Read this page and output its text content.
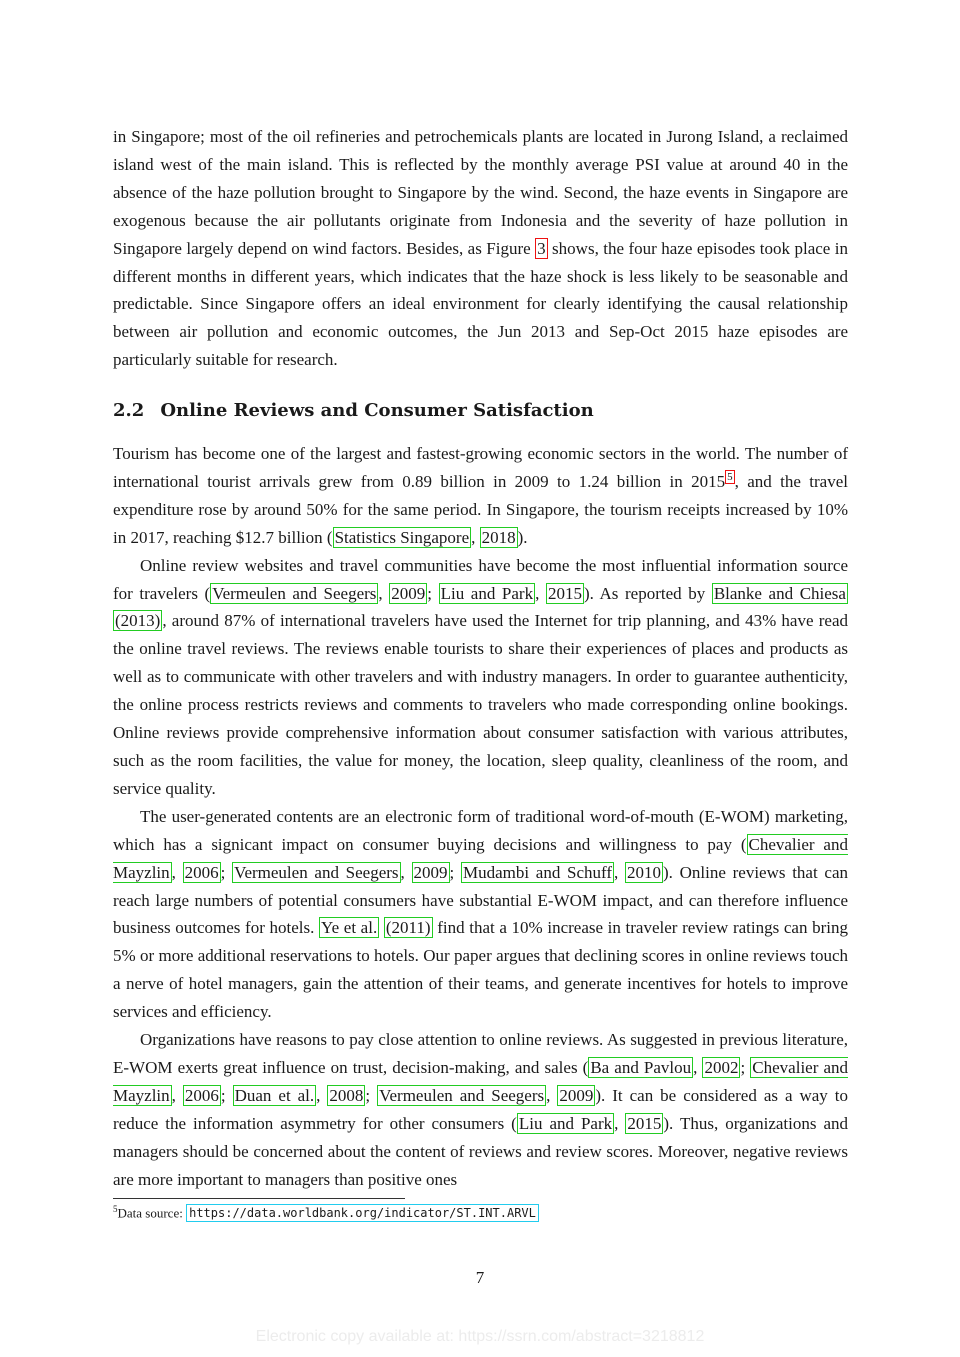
in Singapore; most of the oil refineries and petrochemicals plants are located in Jurong Island, a reclaimed island west of the main island. This is reflected by the monthly average PSI value at around 40 in the absence of the haze pollution brought to Singapore by the wind. Second, the haze events in Singapore are exogenous because the air pollutants originate from Indonesia and the severity of haze pollution in Singapore largely depend on wind factors. Besides, as Figure 3 shows, the four haze episodes took place in different months in different years, which indicates that the haze shock is less likely to be seasonable and predictable. Since Singapore offers an ideal environment for clearly identifying the causal relationship between air pollution and economic outcomes, the Jun 2013 and Sep-Oct 2015 haze episodes are particularly suitable for research.

2.2 Online Reviews and Consumer Satisfaction

Tourism has become one of the largest and fastest-growing economic sectors in the world. The number of international tourist arrivals grew from 0.89 billion in 2009 to 1.24 billion in 2015 $^5$ , and the travel expenditure rose by around 50% for the same period. In Singapore, the tourism receipts increased by 10% in 2017, reaching $12.7 billion ( Statistics Singapore , 2018 ).

Online review websites and travel communities have become the most influential information source for travelers ( Vermeulen and Seegers , 2009 ; Liu and Park , 2015 ). As reported by Blanke and Chiesa (2013) , around 87% of international travelers have used the Internet for trip planning, and 43% have read the online travel reviews. The reviews enable tourists to share their experiences of places and products as well as to communicate with other travelers and with industry managers. In order to guarantee authenticity, the online process restricts reviews and comments to travelers who made corresponding online bookings. Online reviews provide comprehensive information about consumer satisfaction with various attributes, such as the room facilities, the value for money, the location, sleep quality, cleanliness of the room, and service quality.

The user-generated contents are an electronic form of traditional word-of-mouth (E-WOM) marketing, which has a signicant impact on consumer buying decisions and willingness to pay ( Chevalier and Mayzlin , 2006 ; Vermeulen and Seegers , 2009 ; Mudambi and Schuff , 2010 ). Online reviews that can reach large numbers of potential consumers have substantial E-WOM impact, and can therefore influence business outcomes for hotels. Ye et al. (2011) find that a 10% increase in traveler review ratings can bring 5% or more additional reservations to hotels. Our paper argues that declining scores in online reviews touch a nerve of hotel managers, gain the attention of their teams, and generate incentives for hotels to improve services and efficiency.

Organizations have reasons to pay close attention to online reviews. As suggested in previous literature, E-WOM exerts great influence on trust, decision-making, and sales ( Ba and Pavlou , 2002 ; Chevalier and Mayzlin , 2006 ; Duan et al. , 2008 ; Vermeulen and Seegers , 2009 ). It can be considered as a way to reduce the information asymmetry for other consumers ( Liu and Park , 2015 ). Thus, organizations and managers should be concerned about the content of reviews and review scores. Moreover, negative reviews are more important to managers than positive ones

$^5$Data source: https://data.worldbank.org/indicator/ST.INT.ARVL
7
Electronic copy available at: https://ssrn.com/abstract=3218812
